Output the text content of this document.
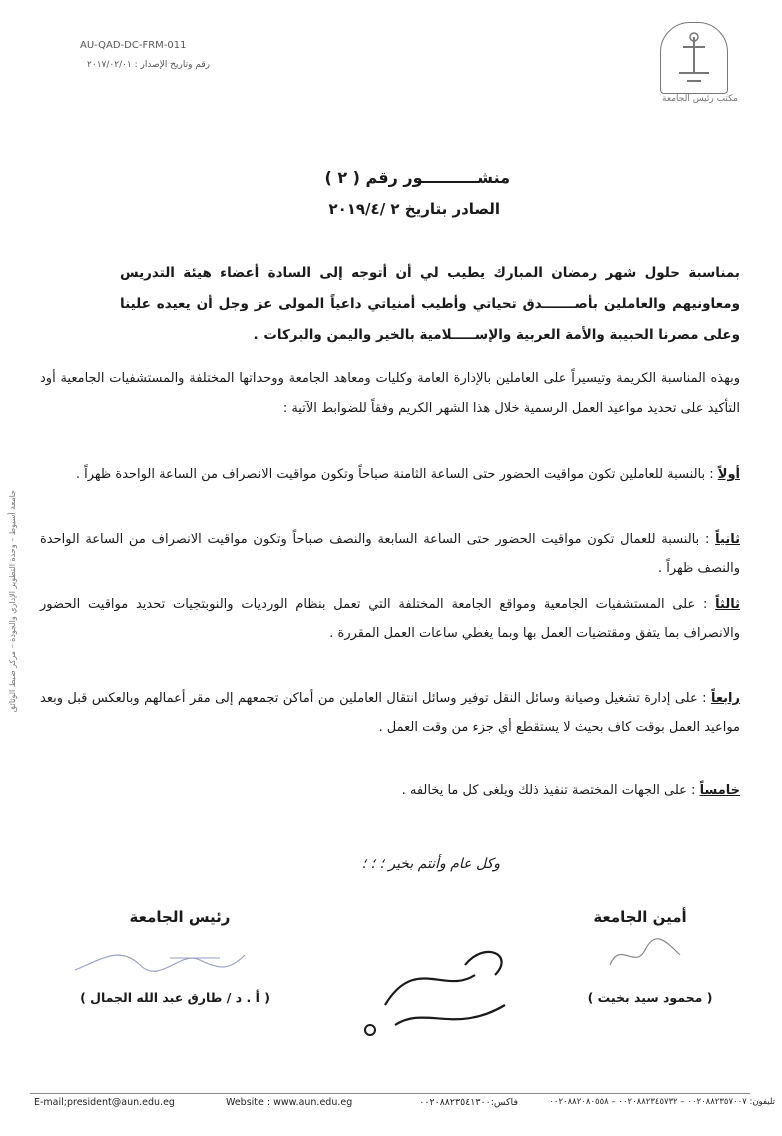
مكتب رئيس الجامعة
AU-QAD-DC-FRM-011
رقم وتاريخ الإصدار : ٢٠١٧/٠٢/٠١
منشــــــــــور رقم ( ٢ )
الصادر بتاريخ ٢ /٢٠١٩/٤
بمناسبة حلول شهر رمضان المبارك يطيب لي أن أتوجه إلى السادة أعضاء هيئة التدريس ومعاونيهم والعاملين بأصـــــــدق تحياتي وأطيب أمنياتي داعياً المولى عز وجل أن يعيده علينا وعلى مصرنا الحبيبة والأمة العربية والإســـــلامية بالخير واليمن والبركات .
وبهذه المناسبة الكريمة وتيسيراً على العاملين بالإدارة العامة وكليات ومعاهد الجامعة ووحداتها المختلفة والمستشفيات الجامعية أود التأكيد على تحديد مواعيد العمل الرسمية خلال هذا الشهر الكريم وفقاً للضوابط الآتية :
أولاً : بالنسبة للعاملين تكون مواقيت الحضور حتى الساعة الثامنة صباحاً وتكون مواقيت الانصراف من الساعة الواحدة ظهراً .
ثانياً : بالنسبة للعمال تكون مواقيت الحضور حتى الساعة السابعة والنصف صباحاً وتكون مواقيت الانصراف من الساعة الواحدة والنصف ظهراً .
ثالثاً : على المستشفيات الجامعية ومواقع الجامعة المختلفة التي تعمل بنظام الورديات والنوبتجيات تحديد مواقيت الحضور والانصراف بما يتفق ومقتضيات العمل بها وبما يغطي ساعات العمل المقررة .
رابعاً : على إدارة تشغيل وصيانة وسائل النقل توفير وسائل انتقال العاملين من أماكن تجمعهم إلى مقر أعمالهم وبالعكس قبل وبعد مواعيد العمل بوقت كاف بحيث لا يستقطع أي جزء من وقت العمل .
خامساً : على الجهات المختصة تنفيذ ذلك ويلغى كل ما يخالفه .
وكل عام وأنتم بخير ؛ ؛ ؛
أمين الجامعة
رئيس الجامعة
( محمود سيد بخيت )
( أ . د / طارق عبد الله الجمال )
جامعة أسيوط – وحدة التطوير الإداري والجودة – مركز ضبط الوثائق
E-mail;president@aun.edu.eg	Website : www.aun.edu.eg	فاكس:٠٠٢٠٨٨٢٣٥٤١٣٠٠	تليفون: ٠٠٢٠٨٨٢٣٥٧٠٠٧ – ٠٠٢٠٨٨٢٣٤٥٧٣٢ – ٠٠٢٠٨٨٢٠٨٠٥٥٨
